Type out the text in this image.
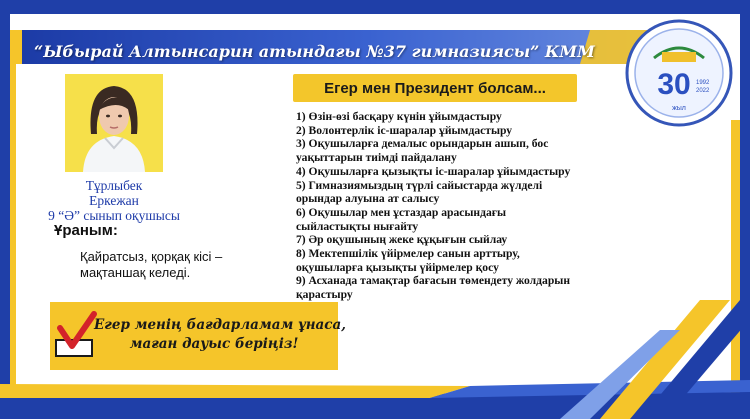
“Ыбырай Алтынсарин атындағы №37 гимназиясы” КММ
30 1992
2022
жыл
Тұрлыбек
Еркежан
9 “Ә” сынып оқушысы
Ұраным:
Қайратсыз, қорқақ кісі – мақтаншақ келеді.
Егер мен Президент болсам...
1) Өзін-өзі басқару күнін ұйымдастыру
2) Волонтерлік іс-шаралар ұйымдастыру
3) Оқушыларға демалыс орындарын ашып, бос
уақыттарын тиімді пайдалану
4) Оқушыларға қызықты іс-шаралар ұйымдастыру
5) Гимназиямыздың түрлі сайыстарда жүлделі
орындар алуына ат салысу
6) Оқушылар мен ұстаздар арасындағы
сыйластықты нығайту
7) Әр оқушының жеке құқығын сыйлау
8) Мектепшілік үйірмелер санын арттыру,
оқушыларға қызықты үйірмелер қосу
9) Асханада тамақтар бағасын төмендету жолдарын
қарастыру
Егер менің бағдарламам ұнаса,
маған дауыс беріңіз!
